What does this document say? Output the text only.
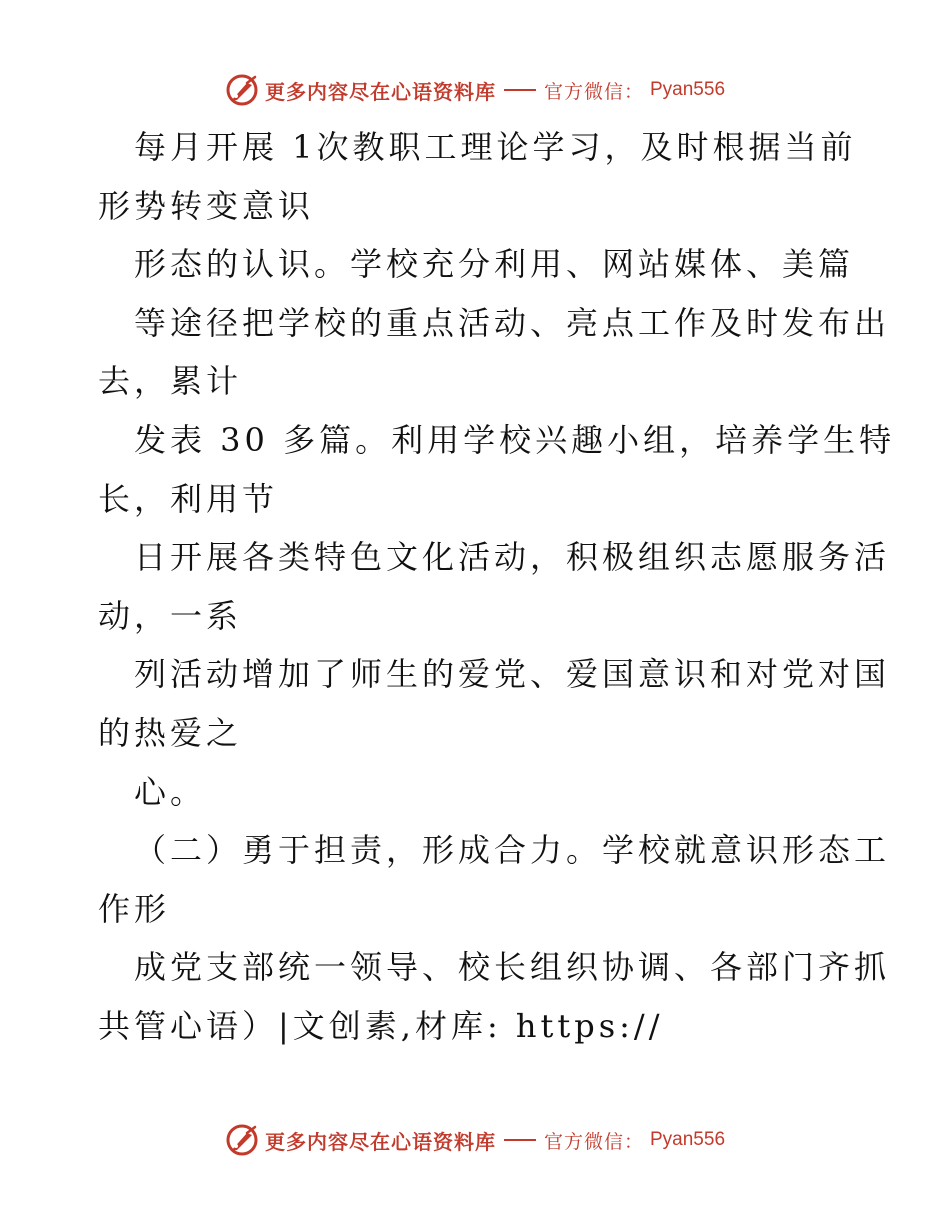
更多内容尽在心语资料库	官方微信： Pyan556
每月开展 1次教职工理论学习，及时根据当前
形势转变意识
形态的认识。学校充分利用、网站媒体、美篇
等途径把学校的重点活动、亮点工作及时发布出
去，累计
发表 30 多篇。利用学校兴趣小组，培养学生特
长，利用节
日开展各类特色文化活动，积极组织志愿服务活
动，一系
列活动增加了师生的爱党、爱国意识和对党对国
的热爱之
心。
（二）勇于担责，形成合力。学校就意识形态工
作形
成党支部统一领导、校长组织协调、各部门齐抓
共管心语）|文创素,材库: https://
更多内容尽在心语资料库	官方微信： Pyan556
